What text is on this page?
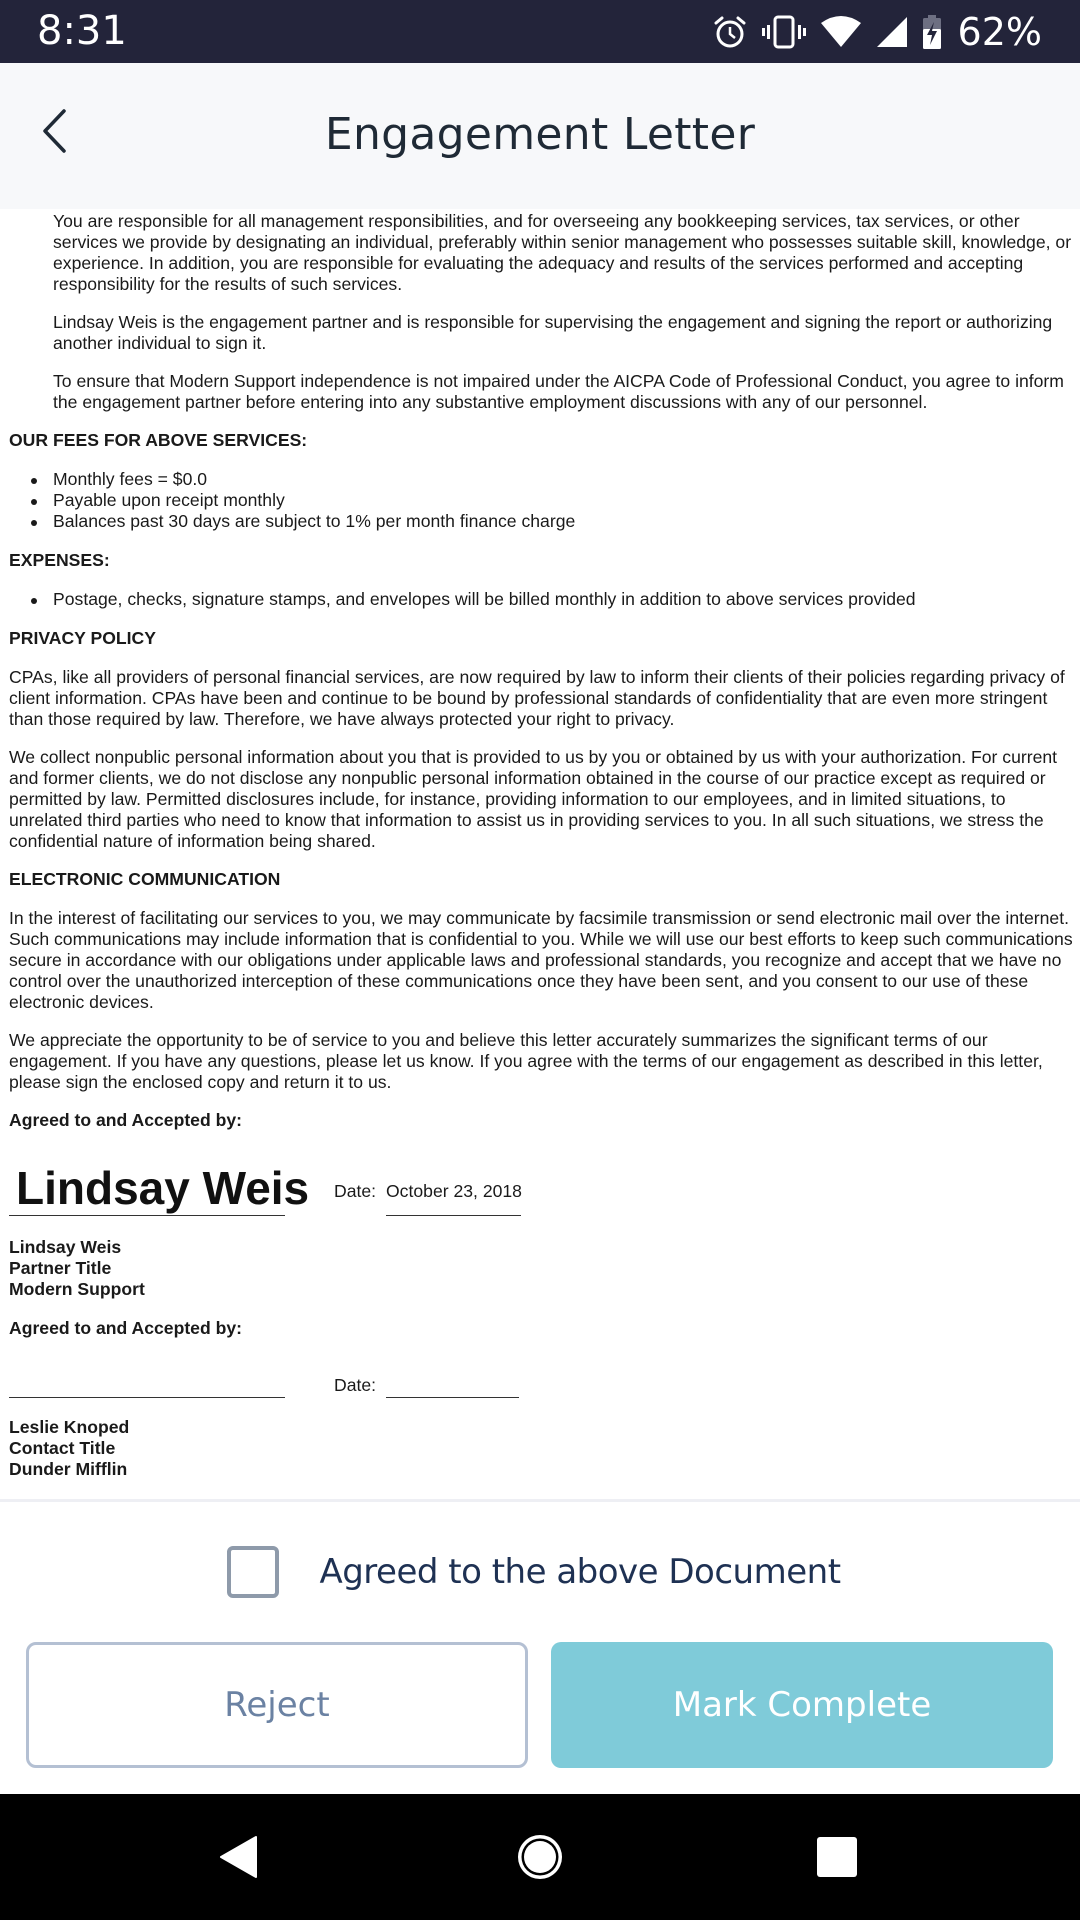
8:31	62%
Engagement Letter

You are responsible for all management responsibilities, and for overseeing any bookkeeping services, tax services, or other services we provide by designating an individual, preferably within senior management who possesses suitable skill, knowledge, or experience. In addition, you are responsible for evaluating the adequacy and results of the services performed and accepting responsibility for the results of such services.

Lindsay Weis is the engagement partner and is responsible for supervising the engagement and signing the report or authorizing another individual to sign it.

To ensure that Modern Support independence is not impaired under the AICPA Code of Professional Conduct, you agree to inform the engagement partner before entering into any substantive employment discussions with any of our personnel.

OUR FEES FOR ABOVE SERVICES:
Monthly fees = $0.0
Payable upon receipt monthly
Balances past 30 days are subject to 1% per month finance charge
EXPENSES:
Postage, checks, signature stamps, and envelopes will be billed monthly in addition to above services provided
PRIVACY POLICY

CPAs, like all providers of personal financial services, are now required by law to inform their clients of their policies regarding privacy of client information. CPAs have been and continue to be bound by professional standards of confidentiality that are even more stringent than those required by law. Therefore, we have always protected your right to privacy.

We collect nonpublic personal information about you that is provided to us by you or obtained by us with your authorization. For current and former clients, we do not disclose any nonpublic personal information obtained in the course of our practice except as required or permitted by law. Permitted disclosures include, for instance, providing information to our employees, and in limited situations, to unrelated third parties who need to know that information to assist us in providing services to you. In all such situations, we stress the confidential nature of information being shared.

ELECTRONIC COMMUNICATION

In the interest of facilitating our services to you, we may communicate by facsimile transmission or send electronic mail over the internet. Such communications may include information that is confidential to you. While we will use our best efforts to keep such communications secure in accordance with our obligations under applicable laws and professional standards, you recognize and accept that we have no control over the unauthorized interception of these communications once they have been sent, and you consent to our use of these electronic devices.

We appreciate the opportunity to be of service to you and believe this letter accurately summarizes the significant terms of our engagement. If you have any questions, please let us know. If you agree with the terms of our engagement as described in this letter, please sign the enclosed copy and return it to us.

Agreed to and Accepted by:
Lindsay Weis Date: October 23, 2018
Lindsay Weis
Partner Title
Modern Support
Agreed to and Accepted by:
Date:
Leslie Knoped
Contact Title
Dunder Mifflin
Agreed to the above Document
Reject	Mark Complete
